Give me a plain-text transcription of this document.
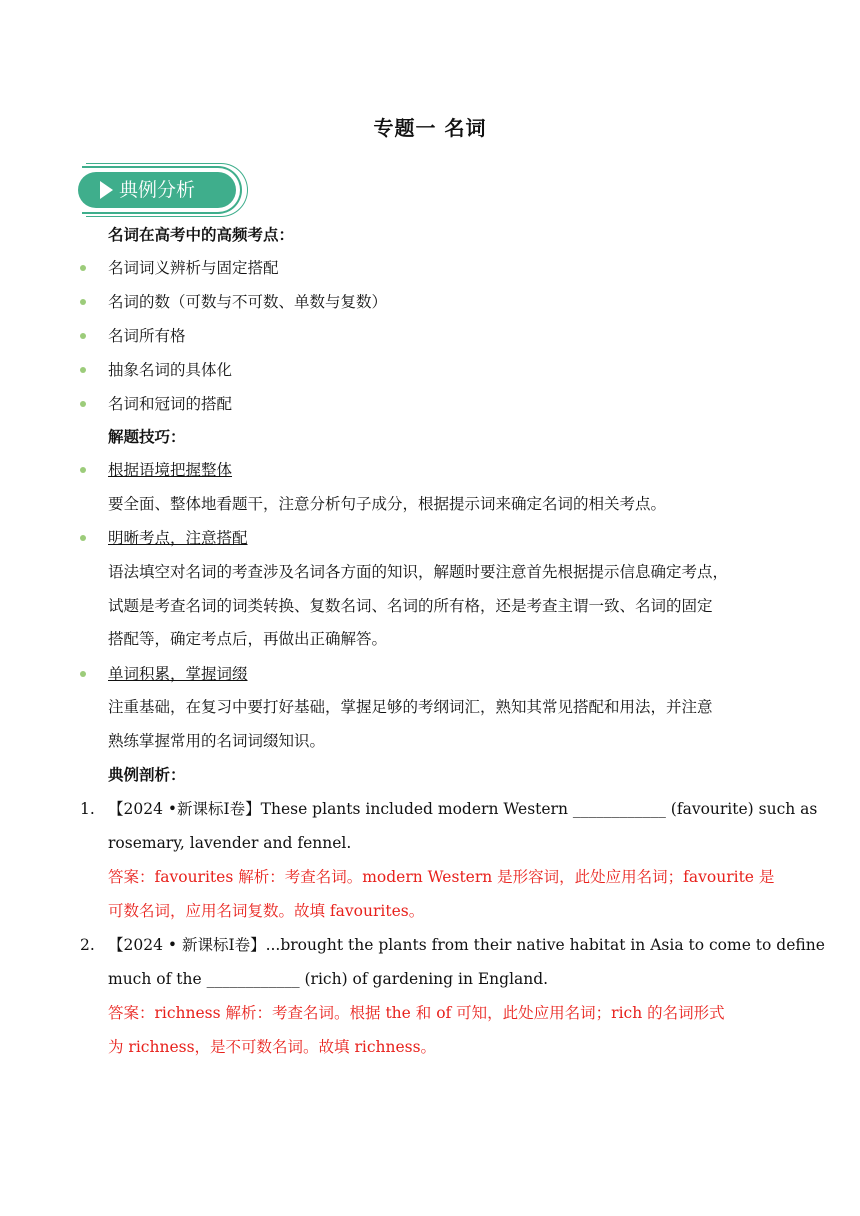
专题一 名词
典例分析
名词在高考中的高频考点：
名词词义辨析与固定搭配
名词的数（可数与不可数、单数与复数）
名词所有格
抽象名词的具体化
名词和冠词的搭配
解题技巧：
根据语境把握整体
要全面、整体地看题干，注意分析句子成分，根据提示词来确定名词的相关考点。
明晰考点，注意搭配
语法填空对名词的考查涉及名词各方面的知识，解题时要注意首先根据提示信息确定考点，
试题是考查名词的词类转换、复数名词、名词的所有格，还是考查主谓一致、名词的固定
搭配等，确定考点后，再做出正确解答。
单词积累，掌握词缀
注重基础，在复习中要打好基础，掌握足够的考纲词汇，熟知其常见搭配和用法，并注意
熟练掌握常用的名词词缀知识。
典例剖析：
1. 【2024 •新课标Ⅰ卷】These plants included modern Western ____________ (favourite) such as
rosemary, lavender and fennel.
答案：favourites 解析：考查名词。modern Western 是形容词，此处应用名词；favourite 是
可数名词，应用名词复数。故填 favourites。
2. 【2024 • 新课标Ⅰ卷】...brought the plants from their native habitat in Asia to come to define
much of the ____________ (rich) of gardening in England.
答案：richness 解析：考查名词。根据 the 和 of 可知，此处应用名词；rich 的名词形式
为 richness，是不可数名词。故填 richness。
